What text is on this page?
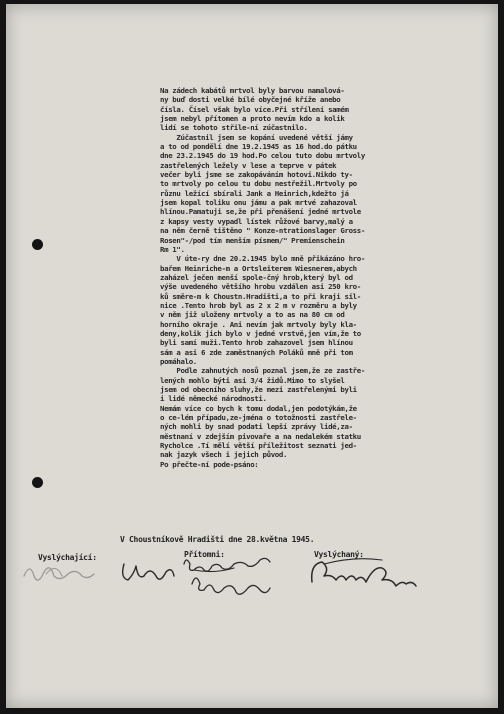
Na zádech kabátů mrtvol byly barvou namalová-
ny buď dosti velké bílé obyčejné kříže anebo
čísla. Čísel však bylo více.Při střílení samém
jsem nebyl přítomen a proto nevím kdo a kolik
lidí se tohoto střile-ní zúčastnilo.
Zúčastnil jsem se kopání uvedené větší jámy
a to od pondělí dne 19.2.1945 as 16 hod.do pátku
dne 23.2.1945 do 19 hod.Po celou tuto dobu mrtvoly
zastřelených ležely v lese a teprve v pátek
večer byli jsme se zakopáváním hotovi.Nikdo ty-
to mrtvoly po celou tu dobu nestřežil.Mrtvoly po
různu ležící sbírali Jank a Heinrich,kdežto já
jsem kopal toliku onu jámu a pak mrtvé zahazoval
hlínou.Pamatuji se,že při přenášení jedné mrtvole
z kapsy vesty vypadl lístek růžové barvy,malý a
na něm černě tištěno " Konze-ntrationslager Gross-
Rosen"-/pod tím menším písmem/" Premienschein
Rm 1".
V úte-ry dne 20.2.1945 bylo mně přikázáno hro-
bařem Heinriche-m a Ortsleiterem Wiesnerem,abych
zaházel ječen menší spole-čný hrob,který byl od
výše uvedeného většího hrobu vzdálen asi 250 kro-
ků směre-m k Choustn.Hradišti,a to při kraji sil-
nice .Tento hrob byl as 2 x 2 m v rozměru a byly
v něm již uloženy mrtvoly a to as na 80 cm od
horního okraje . Ani nevím jak mrtvoly byly kla-
deny,kolik jich bylo v jedné vrstvě,jen vím,že to
byli samí muži.Tento hrob zahazovel jsem hlínou
sám a asi 6 zde zaměstnaných Poláků mně při tom
pomáhalo.
Podle zahnutých nosů poznal jsem,že ze zastře-
lených mohlo býti asi 3/4 židů.Mimo to slyšel
jsem od obecního sluhy,že mezi zastřelenými byli
i lidé německé národnosti.
Nemám více co bych k tomu dodal,jen podotýkám,že
o ce-lém případu,ze-jména o totožnosti zastřele-
ných mohli by snad podati lepší zprávy lidé,za-
městnaní v zdejším pivovaře a na nedalekém statku
Rycholce .Tí mělí větší příležitost seznati jed-
nak jazyk všech i jejich původ.
Po přečte-ní pode-psáno:
V Choustníkově Hradišti dne 28.května 1945.
Vyslýchající:	Přítomni:	Vyslýchaný:
